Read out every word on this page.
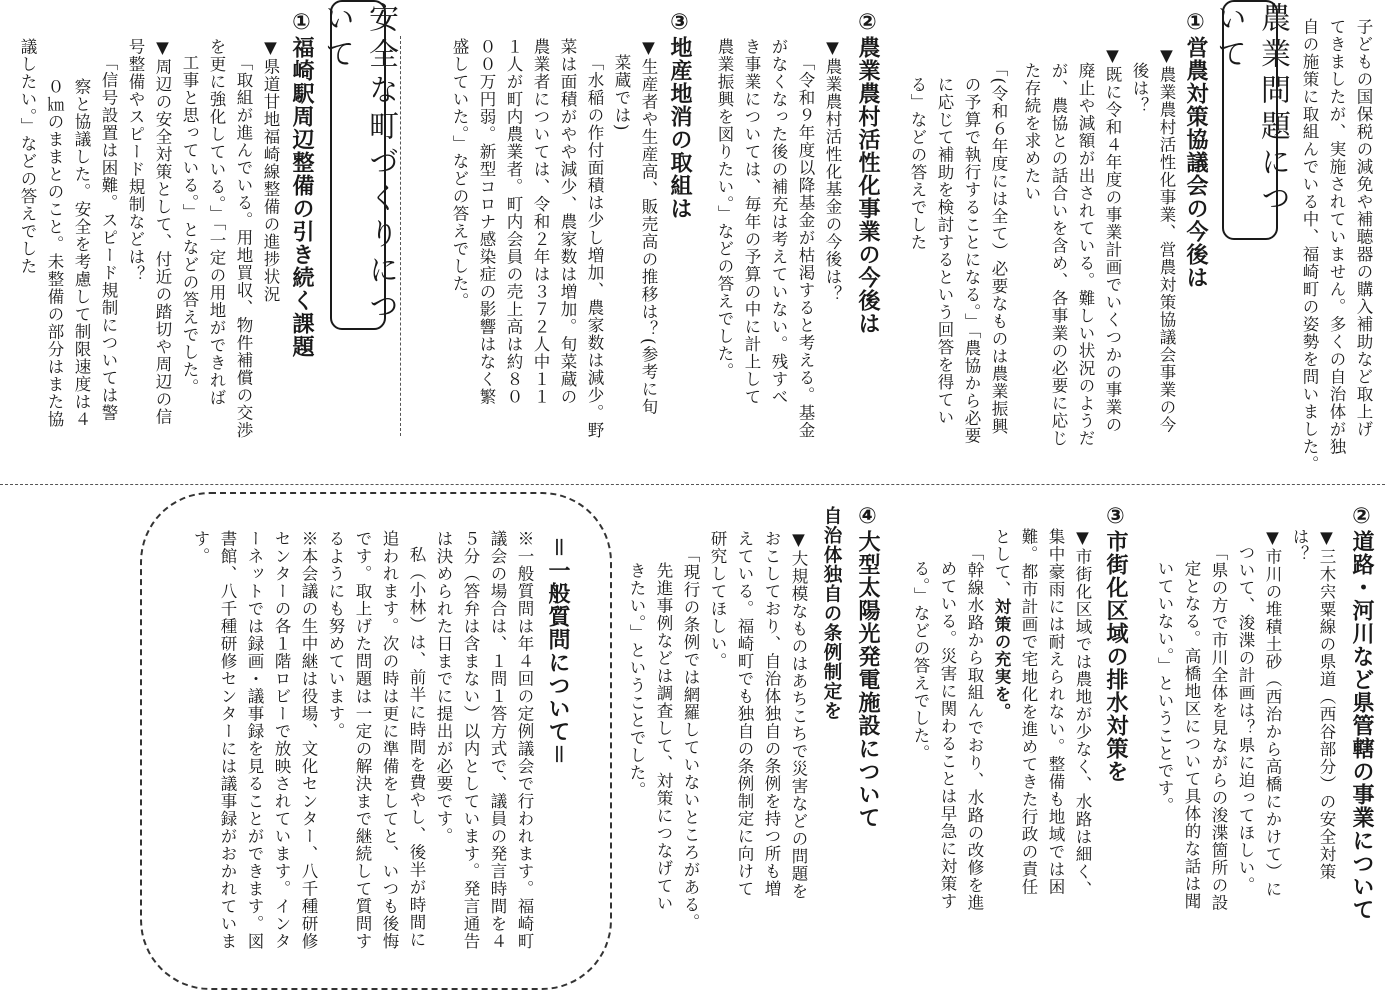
子どもの国保税の減免や補聴器の購入補助など取上げ

てきましたが、実施されていません。多くの自治体が独

自の施策に取組んでいる中、福崎町の姿勢を問いました。

農業問題について
①営農対策協議会の今後は

▼農業農村活性化事業、営農対策協議会事業の今

後は？

▼既に令和４年度の事業計画でいくつかの事業の

廃止や減額が出されている。難しい状況のようだ

が、農協との話合いを含め、各事業の必要に応じ

た存続を求めたい

「(令和６年度には全て）必要なものは農業振興

の予算で執行することになる。」「農協から必要

に応じて補助を検討するという回答を得てい

る」などの答えでした

②農業農村活性化事業の今後は

▼農業農村活性化基金の今後は？

「令和９年度以降基金が枯渇すると考える。基金

がなくなった後の補充は考えていない。残すべ

き事業については、毎年の予算の中に計上して

農業振興を図りたい。」などの答えでした。

③地産地消の取組は

▼生産者や生産高、販売高の推移は？(参考に旬

菜蔵では)

「水稲の作付面積は少し増加、農家数は減少。野

菜は面積がやや減少、農家数は増加。旬菜蔵の

農業者については、令和２年は３７２人中１１

１人が町内農業者。町内会員の売上高は約８０

００万円弱。新型コロナ感染症の影響はなく繁

盛していた。」などの答えでした。

安全な町づくりについて
①福崎駅周辺整備の引き続く課題

▼県道甘地福崎線整備の進捗状況

「取組が進んでいる。用地買収、物件補償の交渉

を更に強化している。」「一定の用地ができれば

工事と思っている。」となどの答えでした。

▼周辺の安全対策として、付近の踏切や周辺の信

号整備やスピード規制などは？

「信号設置は困難。スピード規制については警

察と協議した。安全を考慮して制限速度は４

０㎞のままとのこと。未整備の部分はまた協

議したい。」などの答えでした

②道路・河川など県管轄の事業について

▼三木宍粟線の県道（西谷部分）の安全対策

は？

▼市川の堆積土砂（西治から高橋にかけて）に

ついて、浚渫の計画は？県に迫ってほしい。

「県の方で市川全体を見ながらの浚渫箇所の設

定となる。高橋地区について具体的な話は聞

いていない。」ということです。

③市街化区域の排水対策を

▼市街化区域では農地が少なく、水路は細く、

集中豪雨には耐えられない。整備も地域では困

難。都市計画で宅地化を進めてきた行政の責任

として、対策の充実を。

「幹線水路から取組んでおり、水路の改修を進

めている。災害に関わることは早急に対策す

る。」などの答えでした。

④大型太陽光発電施設について
自治体独自の条例制定を

▼大規模なものはあちこちで災害などの問題を

おこしており、自治体独自の条例を持つ所も増

えている。福崎町でも独自の条例制定に向けて

研究してほしい。

「現行の条例では網羅していないところがある。

先進事例などは調査して、対策につなげてい

きたい。」ということでした。

＝一般質問について＝

※一般質問は年４回の定例議会で行われます。福崎町

議会の場合は、１問１答方式で、議員の発言時間を４

５分（答弁は含まない）以内としています。発言通告

は決められた日までに提出が必要です。

私（小林）は、前半に時間を費やし、後半が時間に

追われます。次の時は更に準備をしてと、いつも後悔

です。取上げた問題は一定の解決まで継続して質問す

るようにも努めています。

※本会議の生中継は役場、文化センター、八千種研修

センターの各１階ロビーで放映されています。インタ

ーネットでは録画・議事録を見ることができます。図

書館、八千種研修センターには議事録がおかれていま

す。
